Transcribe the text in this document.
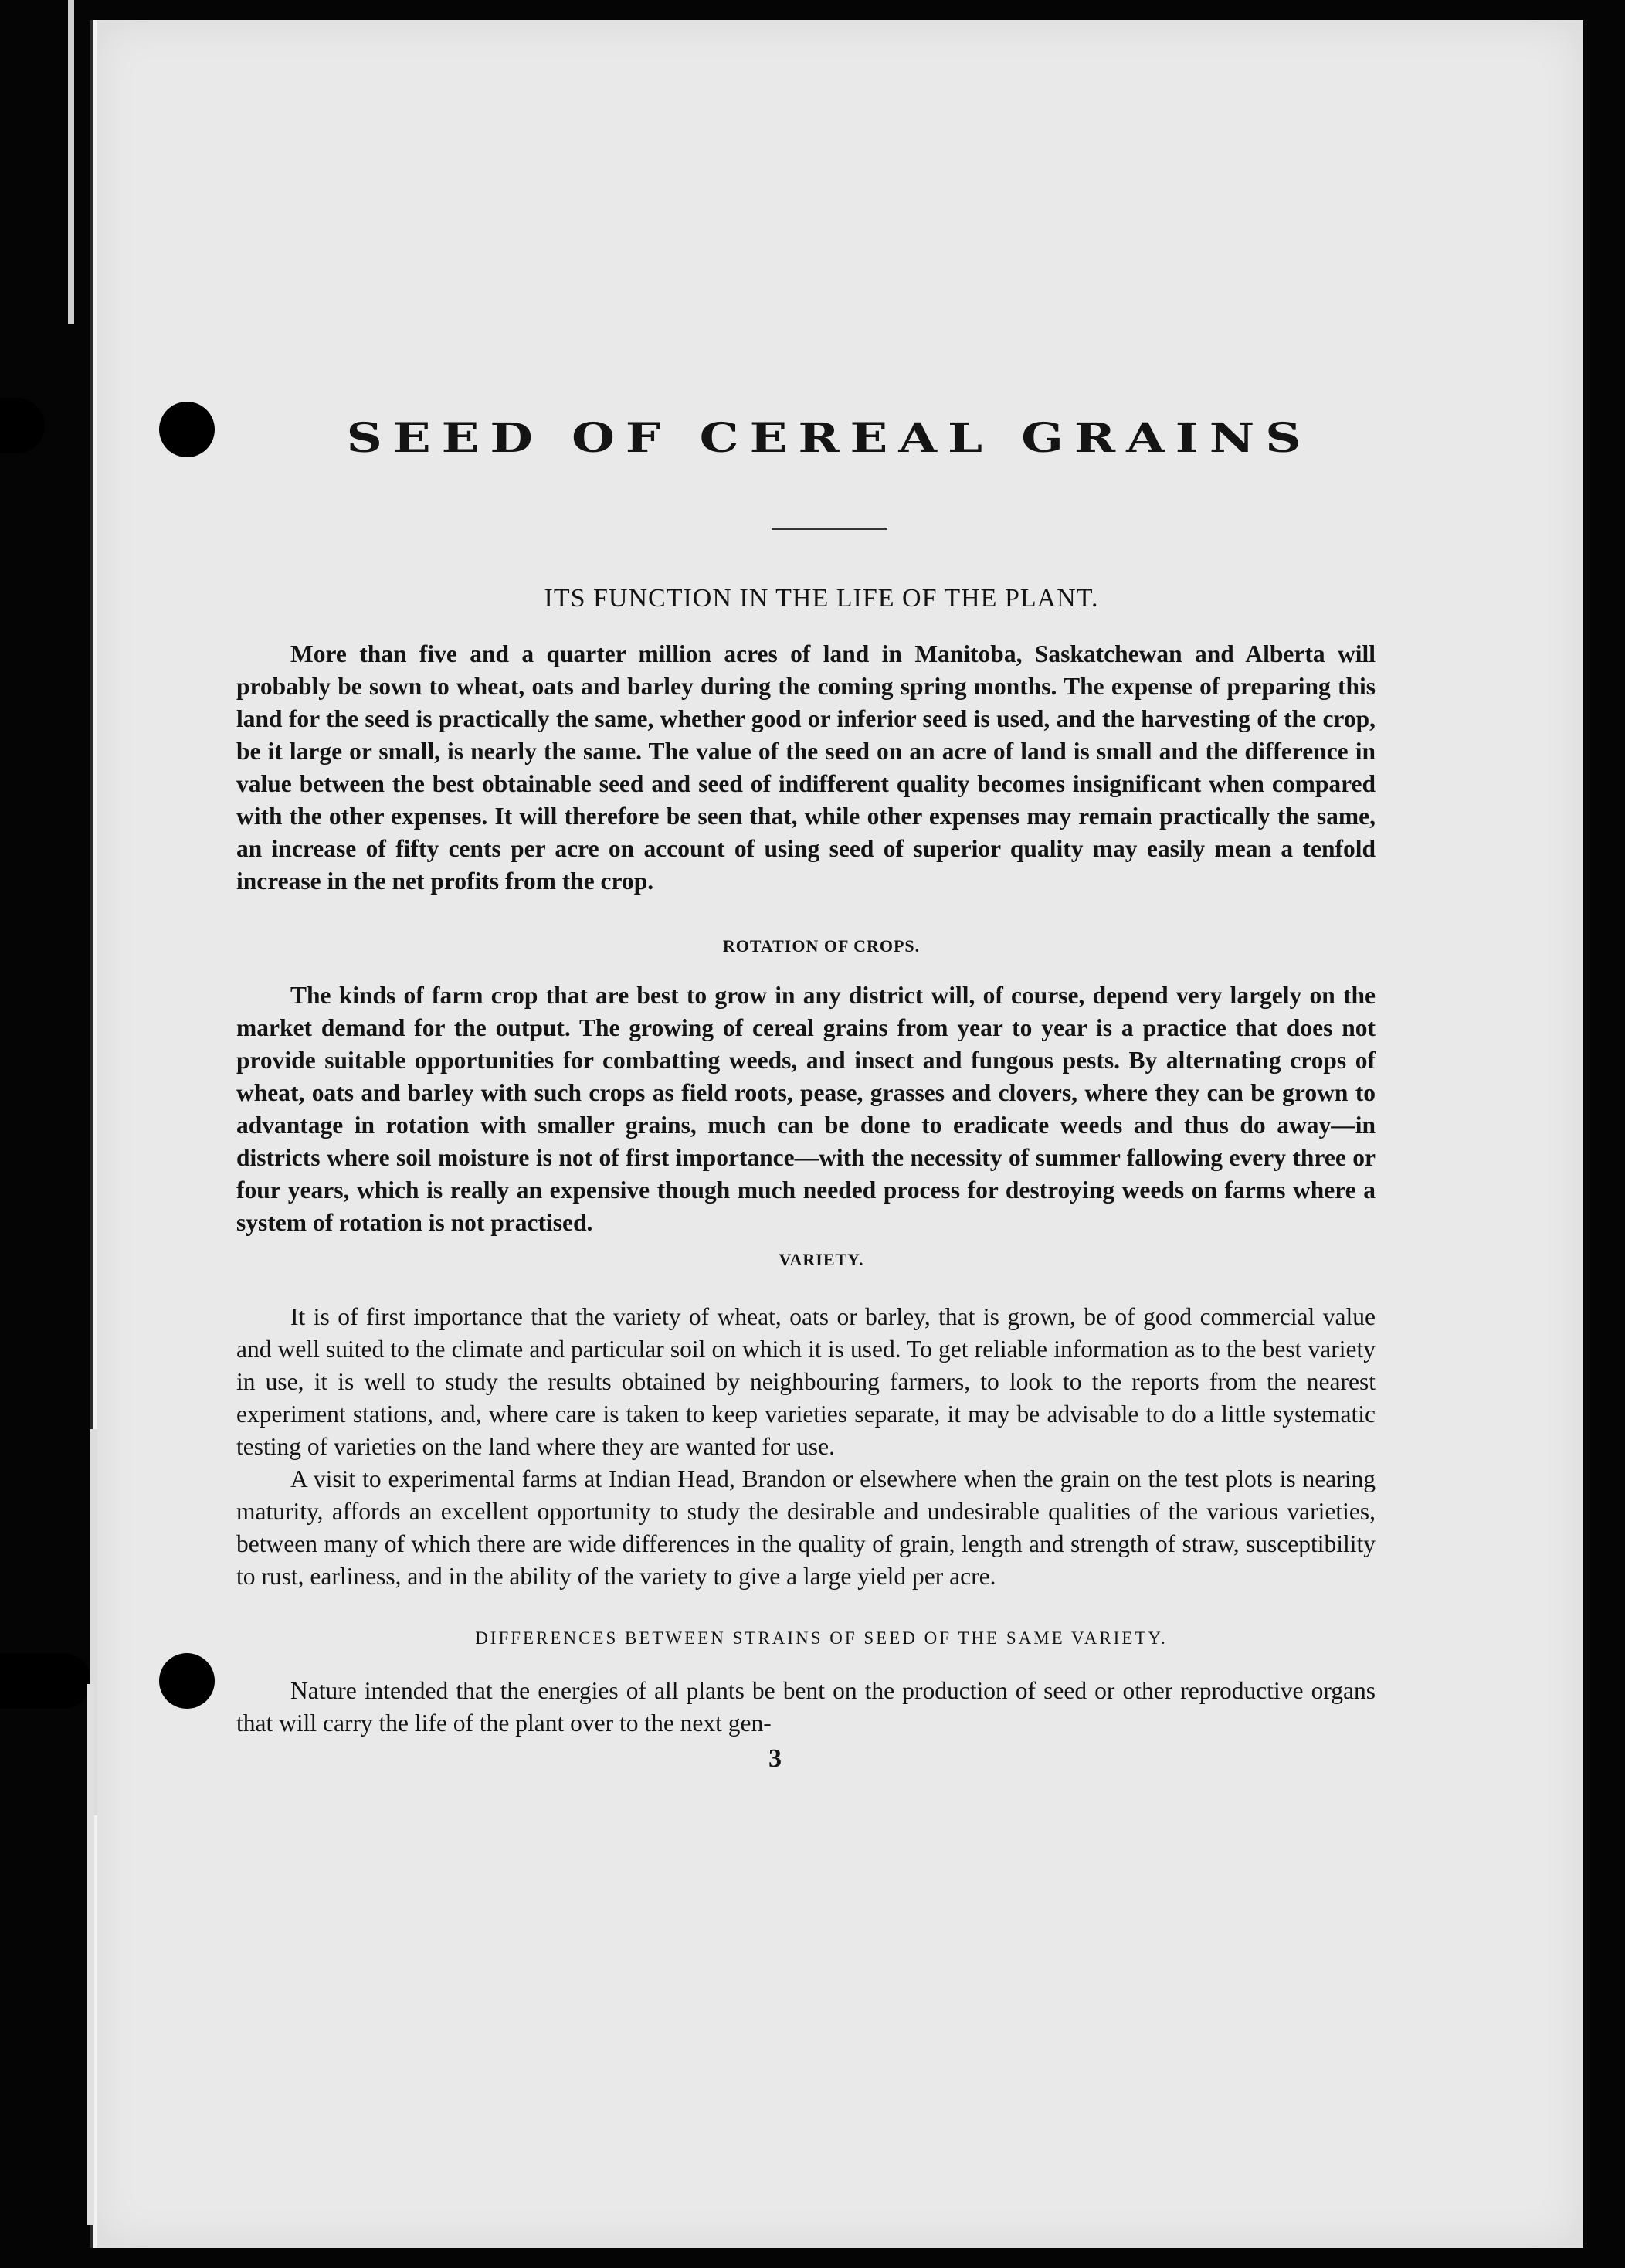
SEED OF CEREAL GRAINS
ITS FUNCTION IN THE LIFE OF THE PLANT.

More than five and a quarter million acres of land in Manitoba, Saskatchewan and Alberta will probably be sown to wheat, oats and barley during the coming spring months. The expense of preparing this land for the seed is practically the same, whether good or inferior seed is used, and the harvesting of the crop, be it large or small, is nearly the same. The value of the seed on an acre of land is small and the difference in value between the best obtainable seed and seed of indifferent quality becomes insignificant when compared with the other expenses. It will therefore be seen that, while other expenses may remain practically the same, an increase of fifty cents per acre on account of using seed of superior quality may easily mean a tenfold increase in the net profits from the crop.

ROTATION OF CROPS.

The kinds of farm crop that are best to grow in any district will, of course, depend very largely on the market demand for the output. The growing of cereal grains from year to year is a practice that does not provide suitable opportunities for combatting weeds, and insect and fungous pests. By alternating crops of wheat, oats and barley with such crops as field roots, pease, grasses and clovers, where they can be grown to advantage in rotation with smaller grains, much can be done to eradicate weeds and thus do away—in districts where soil moisture is not of first importance—with the necessity of summer fallowing every three or four years, which is really an expensive though much needed process for destroying weeds on farms where a system of rotation is not practised.

VARIETY.

It is of first importance that the variety of wheat, oats or barley, that is grown, be of good commercial value and well suited to the climate and particular soil on which it is used. To get reliable information as to the best variety in use, it is well to study the results obtained by neighbouring farmers, to look to the reports from the nearest experiment stations, and, where care is taken to keep varieties separate, it may be advisable to do a little systematic testing of varieties on the land where they are wanted for use.

A visit to experimental farms at Indian Head, Brandon or elsewhere when the grain on the test plots is nearing maturity, affords an excellent opportunity to study the desirable and undesirable qualities of the various varieties, between many of which there are wide differences in the quality of grain, length and strength of straw, susceptibility to rust, earliness, and in the ability of the variety to give a large yield per acre.

DIFFERENCES BETWEEN STRAINS OF SEED OF THE SAME VARIETY.

Nature intended that the energies of all plants be bent on the production of seed or other reproductive organs that will carry the life of the plant over to the next gen-

3
